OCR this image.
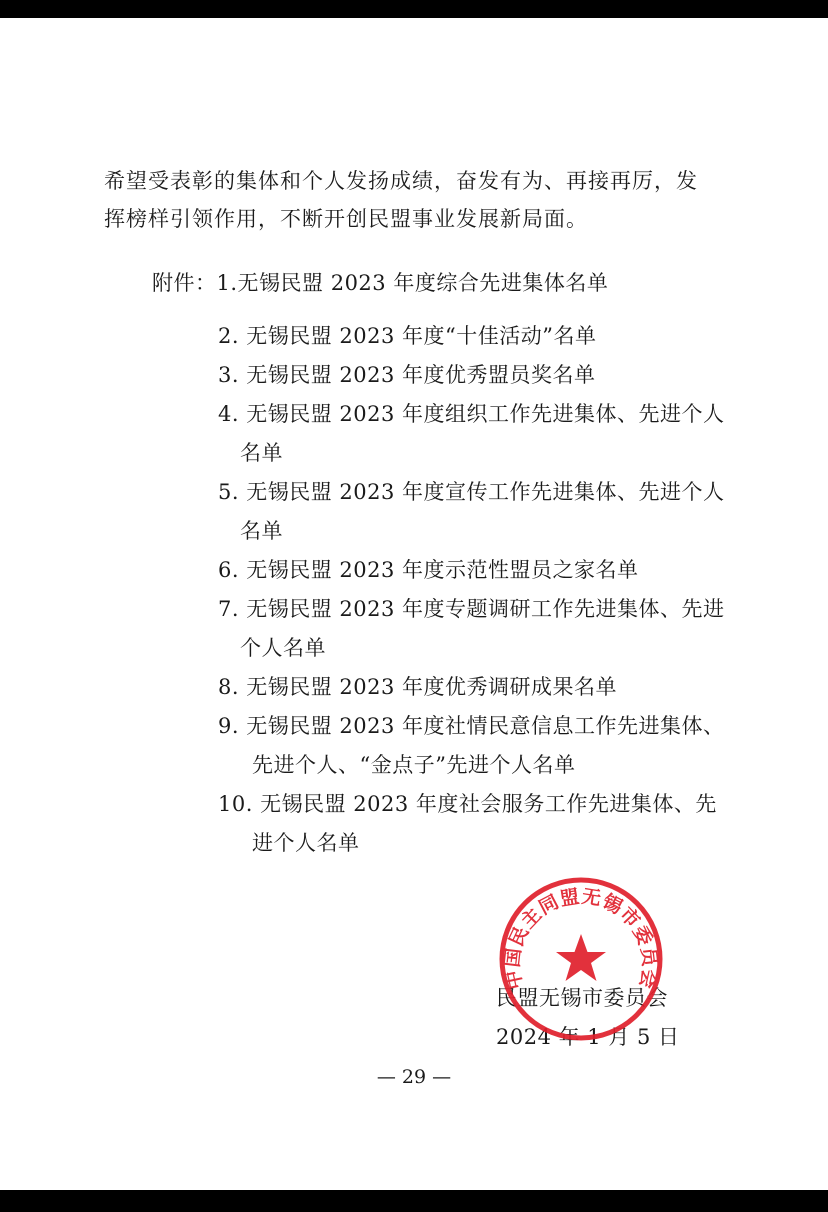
希望受表彰的集体和个人发扬成绩，奋发有为、再接再厉，发
挥榜样引领作用，不断开创民盟事业发展新局面。
附件：1.无锡民盟 2023 年度综合先进集体名单
2. 无锡民盟 2023 年度“十佳活动”名单
3. 无锡民盟 2023 年度优秀盟员奖名单
4. 无锡民盟 2023 年度组织工作先进集体、先进个人
名单
5. 无锡民盟 2023 年度宣传工作先进集体、先进个人
名单
6. 无锡民盟 2023 年度示范性盟员之家名单
7. 无锡民盟 2023 年度专题调研工作先进集体、先进
个人名单
8. 无锡民盟 2023 年度优秀调研成果名单
9. 无锡民盟 2023 年度社情民意信息工作先进集体、
先进个人、“金点子”先进个人名单
10. 无锡民盟 2023 年度社会服务工作先进集体、先
进个人名单
中国民主同盟无锡市委员会
民盟无锡市委员会
2024 年 1 月 5 日
— 29 —
